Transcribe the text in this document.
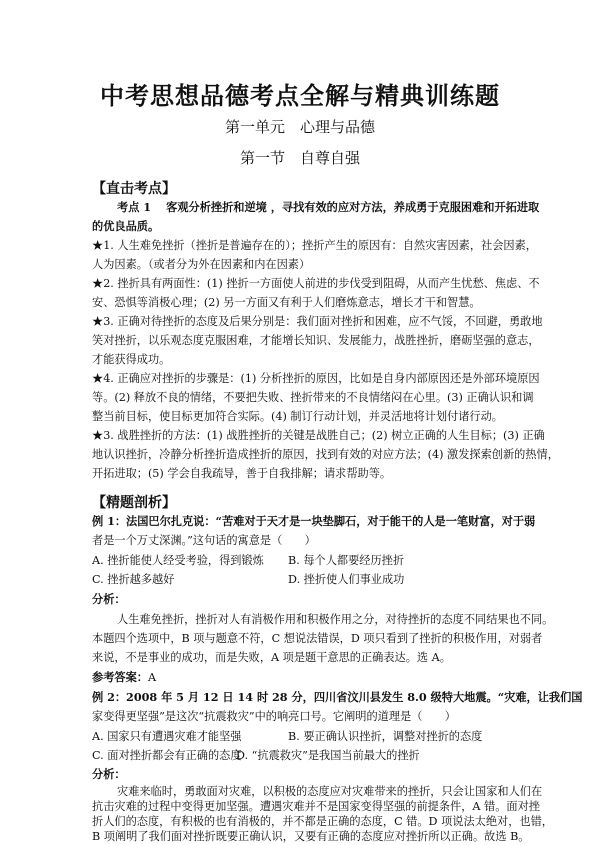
中考思想品德考点全解与精典训练题
第一单元　心理与品德
第一节　自尊自强
【直击考点】
考点 1　 客观分析挫折和逆境 ，寻找有效的应对方法，养成勇于克服困难和开拓进取
的优良品质。
★1. 人生难免挫折（挫折是普遍存在的）；挫折产生的原因有：自然灾害因素，社会因素，
人为因素。（或者分为外在因素和内在因素）
★2. 挫折具有两面性：(1) 挫折一方面使人前进的步伐受到阻碍，从而产生忧愁、焦虑、不
安、恐惧等消极心理；(2) 另一方面又有利于人们磨炼意志，增长才干和智慧。
★3. 正确对待挫折的态度及后果分别是：我们面对挫折和困难，应不气馁，不回避，勇敢地
笑对挫折，以乐观态度克服困难，才能增长知识、发展能力，战胜挫折，磨砺坚强的意志，
才能获得成功。
★4. 正确应对挫折的步骤是：(1) 分析挫折的原因，比如是自身内部原因还是外部环境原因
等。(2) 释放不良的情绪，不要把失败、挫折带来的不良情绪闷在心里。(3) 正确认识和调
整当前目标，使目标更加符合实际。(4) 制订行动计划，并灵活地将计划付诸行动。
★3. 战胜挫折的方法：(1) 战胜挫折的关键是战胜自己；(2) 树立正确的人生目标；(3) 正确
地认识挫折，冷静分析挫折造成挫折的原因，找到有效的对应方法；(4) 激发探索创新的热情，
开拓进取；(5) 学会自我疏导，善于自我排解；请求帮助等。
【精题剖析】
例 1：法国巴尔扎克说：“苦难对于天才是一块垫脚石，对于能干的人是一笔财富，对于弱
者是一个万丈深渊。”这句话的寓意是（　　）
A. 挫折能使人经受考验，得到锻炼 B. 每个人都要经历挫折
C. 挫折越多越好	D. 挫折使人们事业成功
分析：
人生难免挫折，挫折对人有消极作用和积极作用之分，对待挫折的态度不同结果也不同。
本题四个选项中，B 项与题意不符，C 想说法错误，D 项只看到了挫折的积极作用，对弱者
来说，不是事业的成功，而是失败，A 项是题干意思的正确表达。选 A。
参考答案：A
例 2：2008 年 5 月 12 日 14 时 28 分，四川省汶川县发生 8.0 级特大地震。“灾难，让我们国
家变得更坚强”是这次“抗震救灾”中的响亮口号。它阐明的道理是（　　）
A. 国家只有遭遇灾难才能坚强	B. 要正确认识挫折，调整对挫折的态度
C. 面对挫折都会有正确的态度
D. “抗震救灾”是我国当前最大的挫折
分析：
灾难来临时，勇敢面对灾难，以积极的态度应对灾难带来的挫折，只会让国家和人们在
抗击灾难的过程中变得更加坚强。遭遇灾难并不是国家变得坚强的前提条件，A 错。面对挫
折人们的态度，有积极的也有消极的，并不都是正确的态度，C 错。D 项说法太绝对，也错，
B 项阐明了我们面对挫折既要正确认识，又要有正确的态度应对挫折所以正确。故选 B。
